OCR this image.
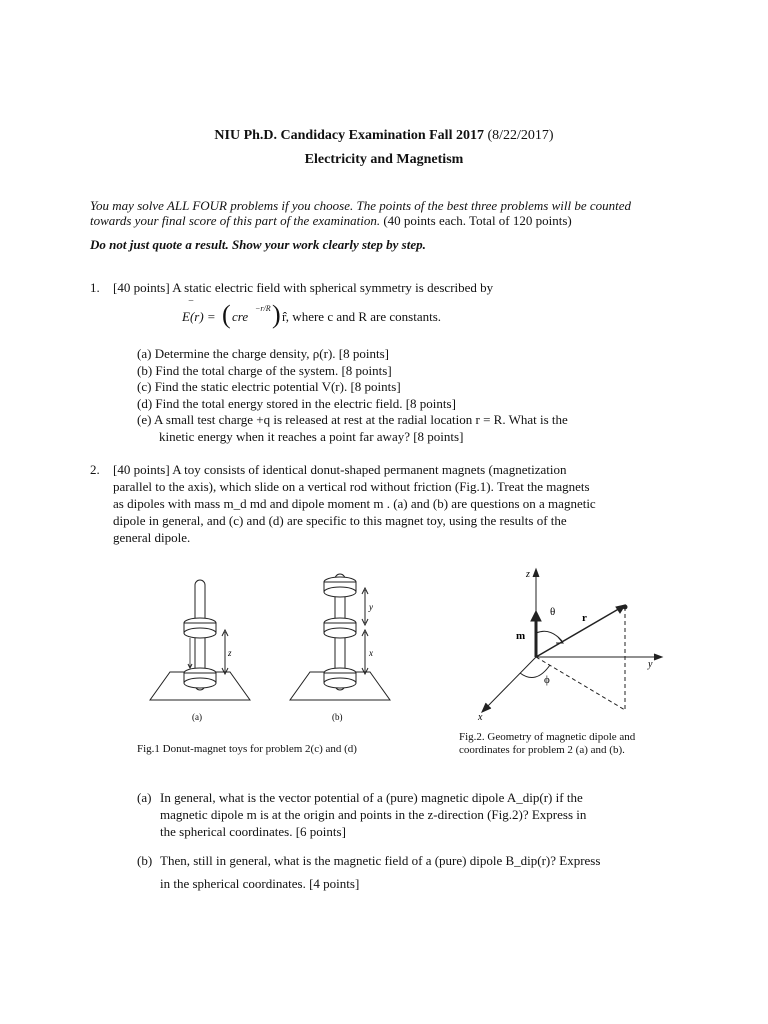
NIU Ph.D. Candidacy Examination Fall 2017 (8/22/2017)
Electricity and Magnetism
You may solve ALL FOUR problems if you choose. The points of the best three problems will be counted
towards your final score of this part of the examination. (40 points each. Total of 120 points)
Do not just quote a result. Show your work clearly step by step.
1. [40 points] A static electric field with spherical symmetry is described by
E(r) =
‾ ( cre
−r/R ) r̂, where c and R are constants.
(a) Determine the charge density, ρ(r). [8 points]
(b) Find the total charge of the system. [8 points]
(c) Find the static electric potential V(r). [8 points]
(d) Find the total energy stored in the electric field. [8 points]
(e) A small test charge +q is released at rest at the radial location r = R. What is the
kinetic energy when it reaches a point far away? [8 points]
2. [40 points] A toy consists of identical donut-shaped permanent magnets (magnetization
parallel to the axis), which slide on a vertical rod without friction (Fig.1). Treat the magnets
as dipoles with mass m_d md and dipole moment m . (a) and (b) are questions on a magnetic
dipole in general, and (c) and (d) are specific to this magnet toy, using the results of the
general dipole.
z
(a)
y
x
(b)
Fig.1 Donut-magnet toys for problem 2(c) and (d)
z
y
x
θ
ϕ
r
m
Fig.2. Geometry of magnetic dipole and
coordinates for problem 2 (a) and (b).
(a) In general, what is the vector potential of a (pure) magnetic dipole A_dip(r) if the
magnetic dipole m is at the origin and points in the z-direction (Fig.2)? Express in
the spherical coordinates. [6 points]
(b) Then, still in general, what is the magnetic field of a (pure) dipole B_dip(r)? Express
in the spherical coordinates. [4 points]
